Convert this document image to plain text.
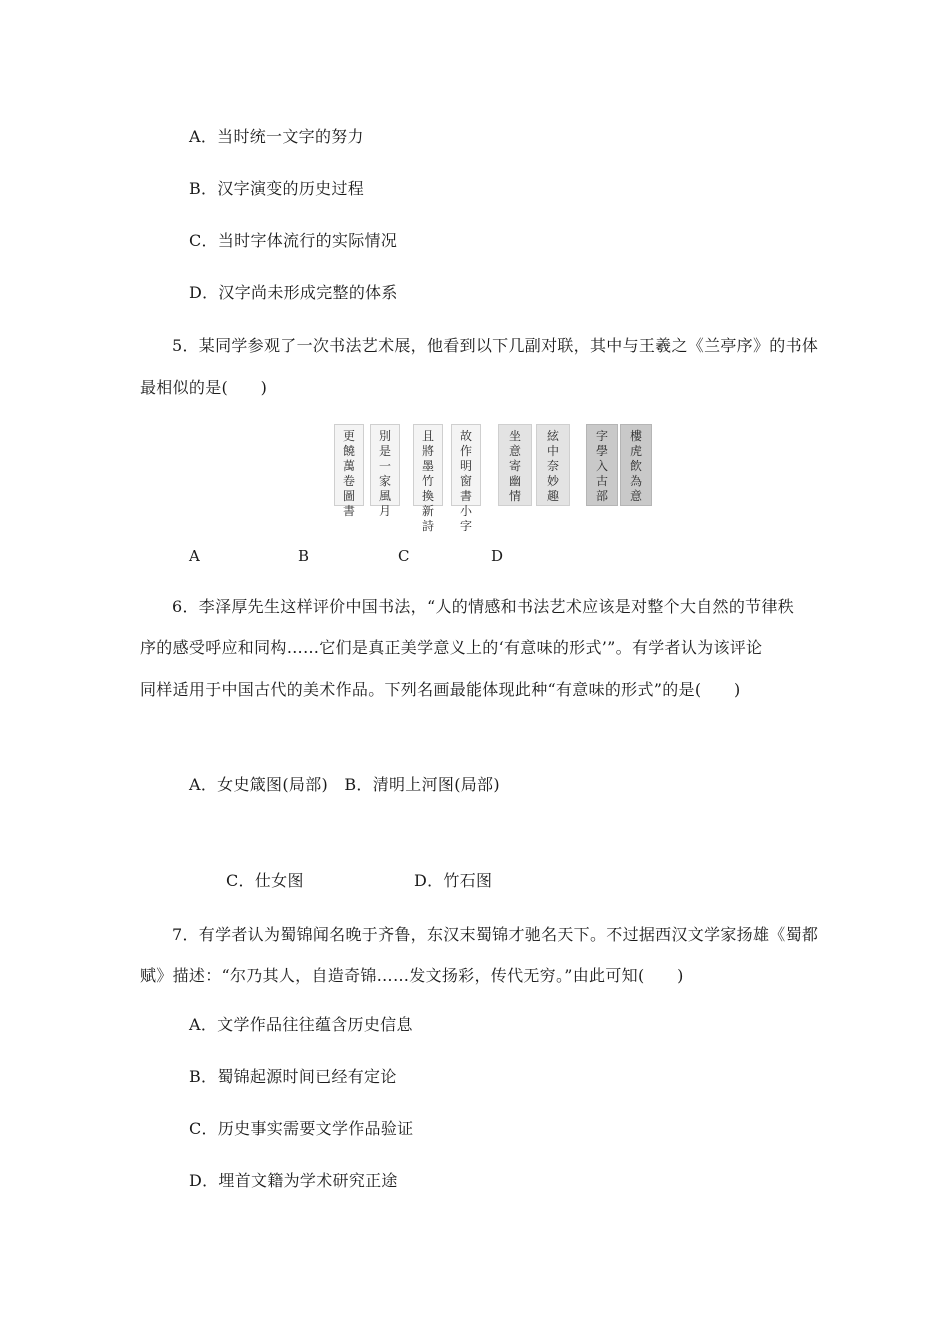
A．当时统一文字的努力
B．汉字演变的历史过程
C．当时字体流行的实际情况
D．汉字尚未形成完整的体系
5．某同学参观了一次书法艺术展，他看到以下几副对联，其中与王羲之《兰亭序》的书体
最相似的是(　　)
更
饒
萬
卷
圖
書
別
是
一
家
風
月
且
將
墨
竹
換
新
詩
故
作
明
窗
書
小
字
坐
意
寄
幽
情
絃
中
奈
妙
趣
字
學
入
古
部
樓
虎
飲
為
意
A	B	C	D
6．李泽厚先生这样评价中国书法，“人的情感和书法艺术应该是对整个大自然的节律秩
序的感受呼应和同构……它们是真正美学意义上的‘有意味的形式’”。有学者认为该评论
同样适用于中国古代的美术作品。下列名画最能体现此种“有意味的形式”的是(　　)
A．女史箴图(局部)　B．清明上河图(局部)
C．仕女图	D．竹石图
7．有学者认为蜀锦闻名晚于齐鲁，东汉末蜀锦才驰名天下。不过据西汉文学家扬雄《蜀都
赋》描述：“尔乃其人，自造奇锦……发文扬彩，传代无穷。”由此可知(　　)
A．文学作品往往蕴含历史信息
B．蜀锦起源时间已经有定论
C．历史事实需要文学作品验证
D．埋首文籍为学术研究正途
